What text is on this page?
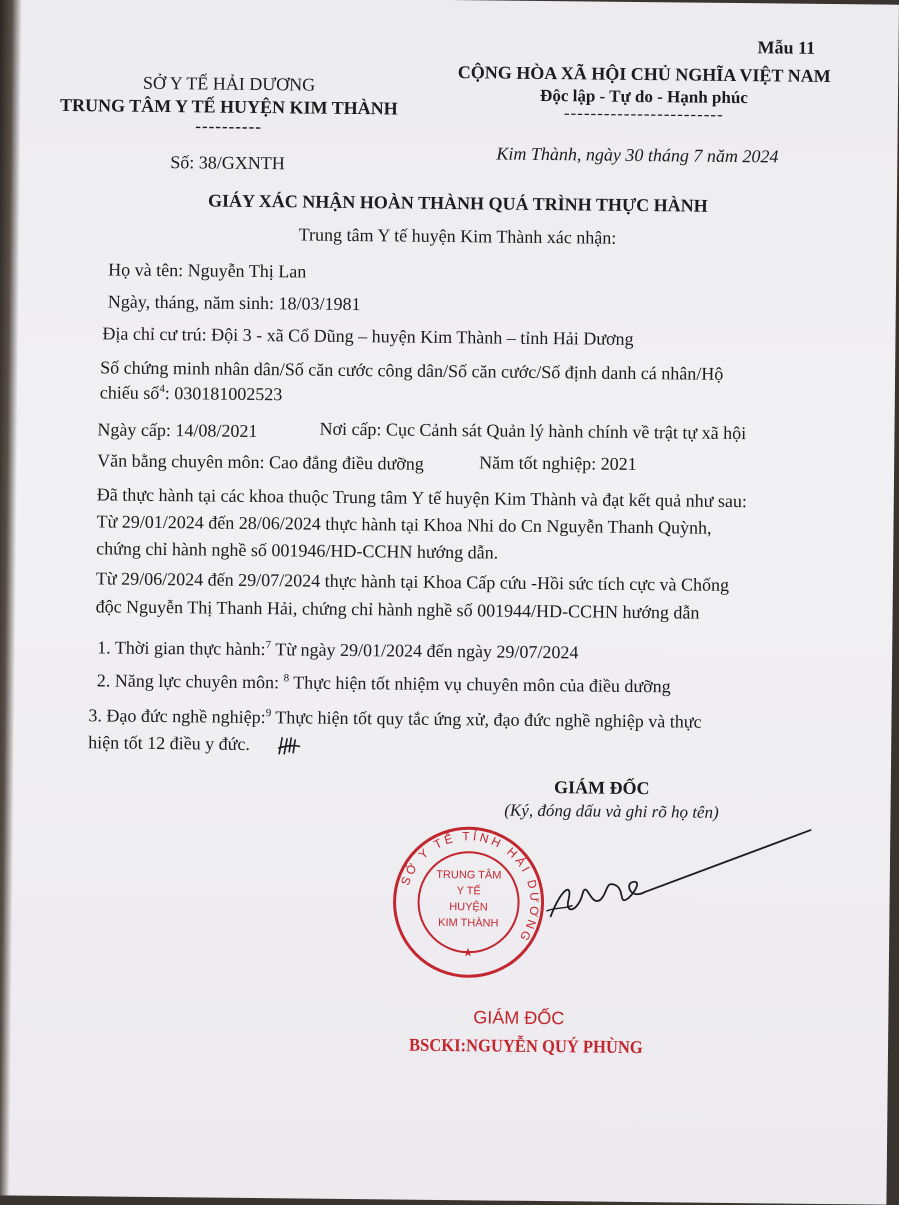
Mẫu 11
SỞ Y TẾ HẢI DƯƠNG
TRUNG TÂM Y TẾ HUYỆN KIM THÀNH
----------
Số: 38/GXNTH
CỘNG HÒA XÃ HỘI CHỦ NGHĨA VIỆT NAM
Độc lập - Tự do - Hạnh phúc
------------------------
Kim Thành, ngày 30 tháng 7 năm 2024
GIÁY XÁC NHẬN HOÀN THÀNH QUÁ TRÌNH THỰC HÀNH
Trung tâm Y tế huyện Kim Thành xác nhận:
Họ và tên: Nguyễn Thị Lan
Ngày, tháng, năm sinh: 18/03/1981
Địa chỉ cư trú: Đội 3 - xã Cổ Dũng – huyện Kim Thành – tỉnh Hải Dương
Số chứng minh nhân dân/Số căn cước công dân/Số căn cước/Số định danh cá nhân/Hộ
chiếu số$^4$: 030181002523
Ngày cấp: 14/08/2021	Nơi cấp: Cục Cảnh sát Quản lý hành chính về trật tự xã hội
Văn bằng chuyên môn: Cao đẳng điều dưỡng	Năm tốt nghiệp: 2021
Đã thực hành tại các khoa thuộc Trung tâm Y tế huyện Kim Thành và đạt kết quả như sau:
Từ 29/01/2024 đến 28/06/2024 thực hành tại Khoa Nhi do Cn Nguyễn Thanh Quỳnh,
chứng chỉ hành nghề số 001946/HD-CCHN hướng dẫn.
Từ 29/06/2024 đến 29/07/2024 thực hành tại Khoa Cấp cứu -Hồi sức tích cực và Chống
độc Nguyễn Thị Thanh Hải, chứng chỉ hành nghề số 001944/HD-CCHN hướng dẫn
1. Thời gian thực hành:$^7$ Từ ngày 29/01/2024 đến ngày 29/07/2024
2. Năng lực chuyên môn: $^8$ Thực hiện tốt nhiệm vụ chuyên môn của điều dưỡng
3. Đạo đức nghề nghiệp:$^9$ Thực hiện tốt quy tắc ứng xử, đạo đức nghề nghiệp và thực
hiện tốt 12 điều y đức.
GIÁM ĐỐC
(Ký, đóng dấu và ghi rõ họ tên)
SỞ Y TẾ TỈNH HẢI DƯƠNG
TRUNG TÂM
Y TẾ
HUYỆN
KIM THÀNH
★
GIÁM ĐỐC
BSCKI:NGUYỄN QUÝ PHÙNG
